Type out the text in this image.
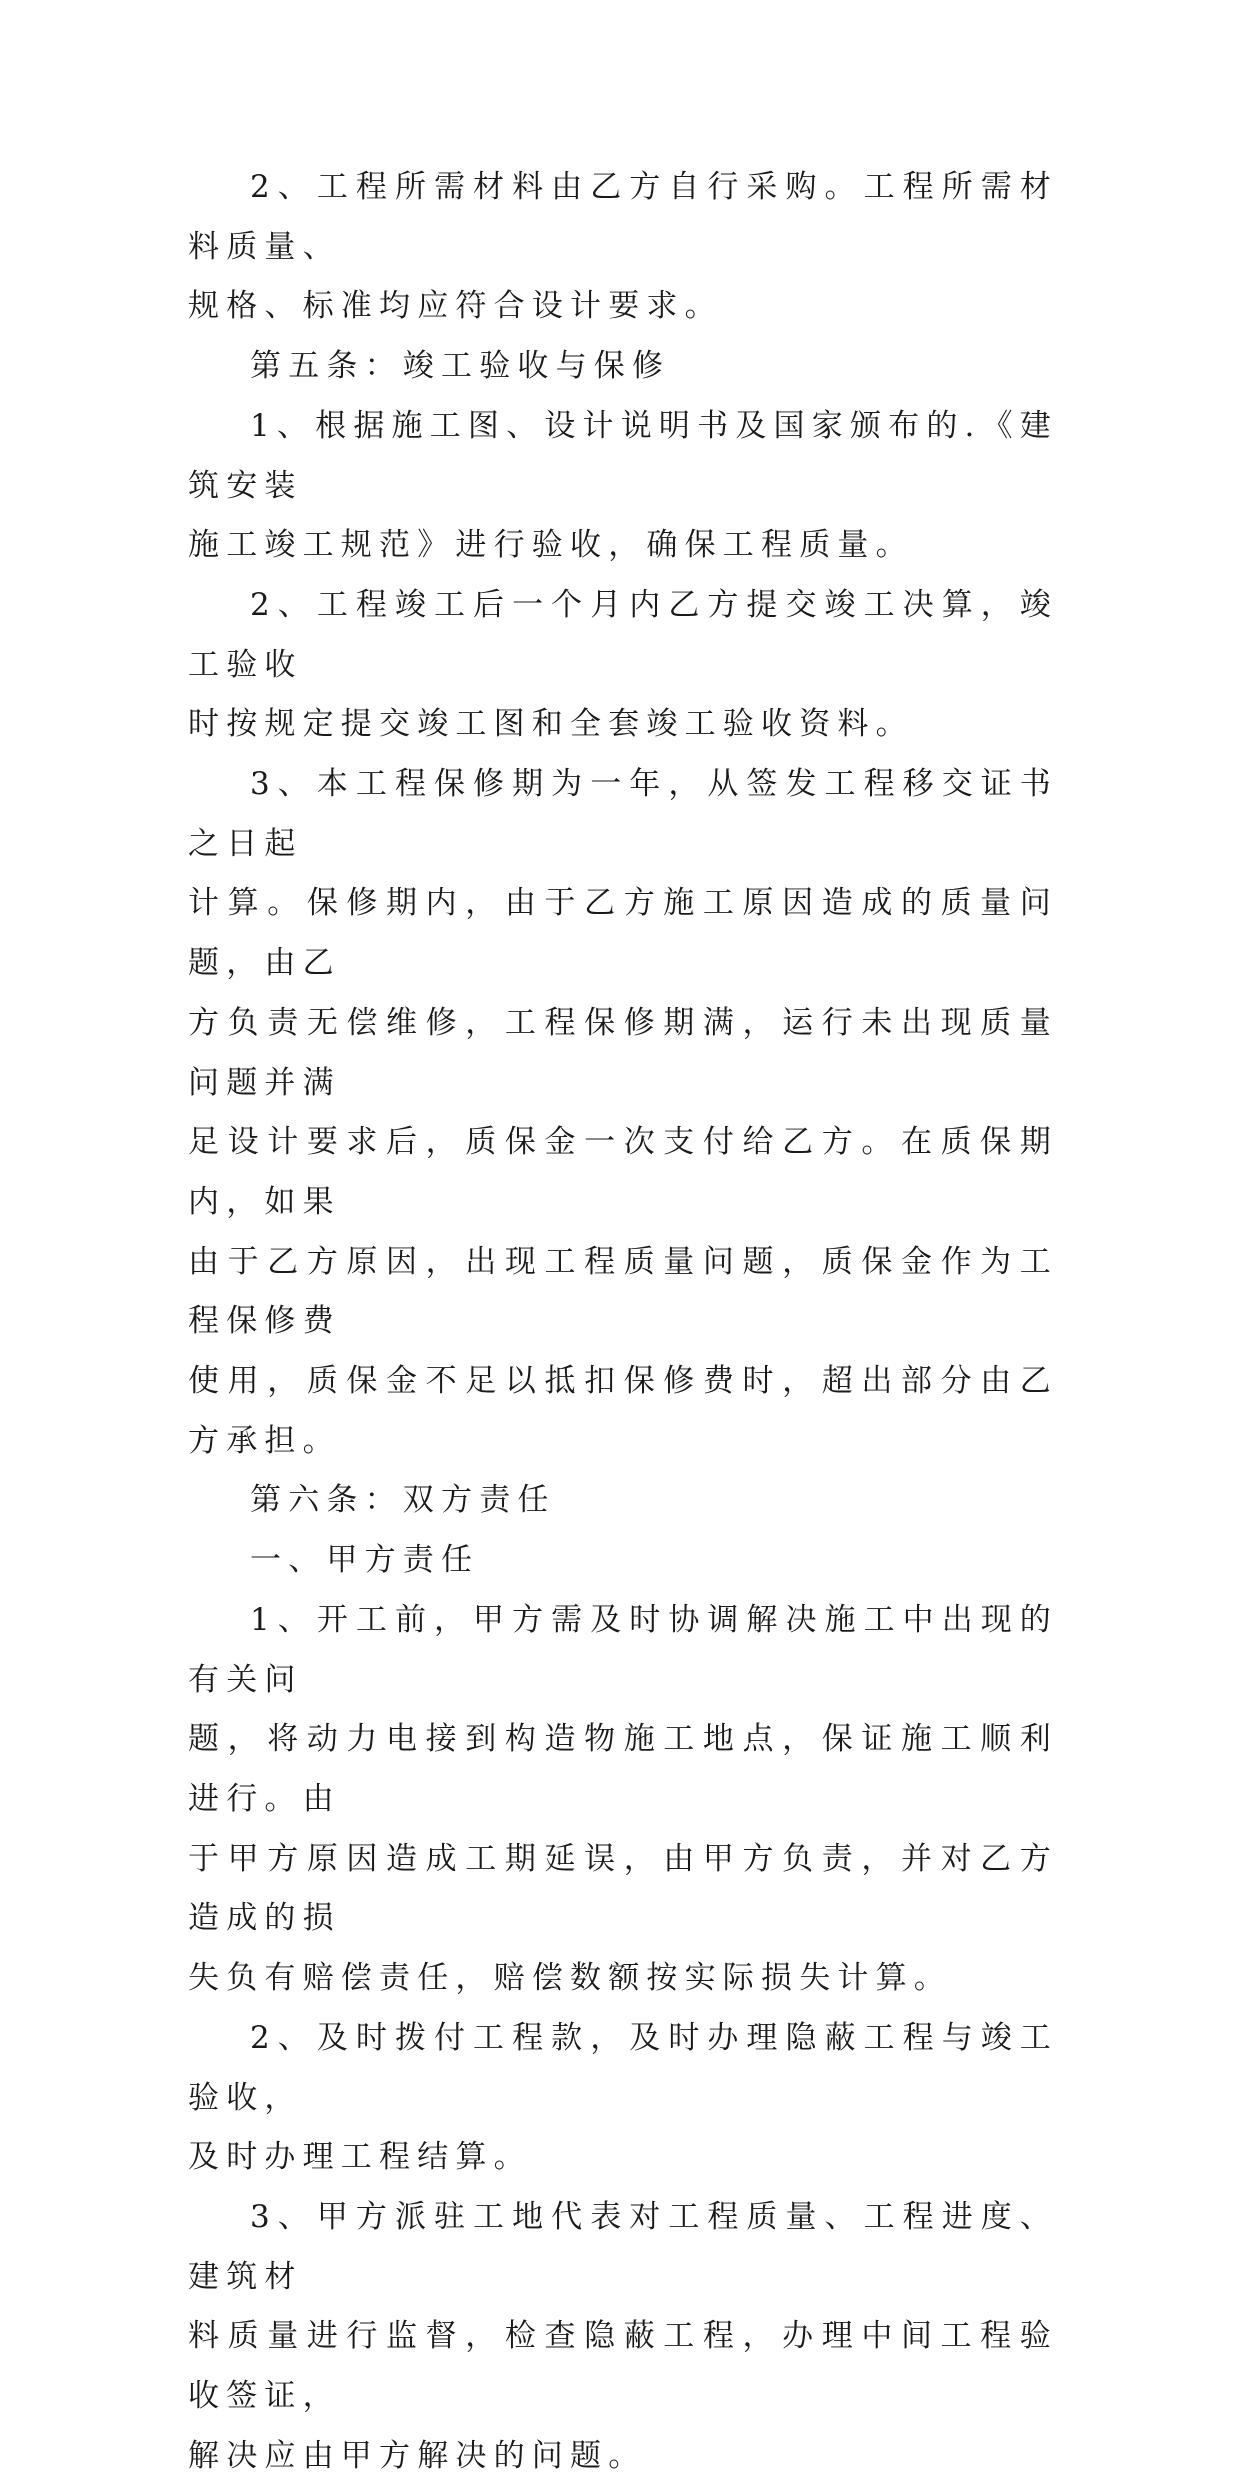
2、工程所需材料由乙方自行采购。工程所需材料质量、
规格、标准均应符合设计要求。

第五条：竣工验收与保修

1、根据施工图、设计说明书及国家颁布的.《建筑安装
施工竣工规范》进行验收，确保工程质量。

2、工程竣工后一个月内乙方提交竣工决算，竣工验收
时按规定提交竣工图和全套竣工验收资料。

3、本工程保修期为一年，从签发工程移交证书之日起
计算。保修期内，由于乙方施工原因造成的质量问题，由乙
方负责无偿维修，工程保修期满，运行未出现质量问题并满
足设计要求后，质保金一次支付给乙方。在质保期内，如果
由于乙方原因，出现工程质量问题，质保金作为工程保修费
使用，质保金不足以抵扣保修费时，超出部分由乙方承担。

第六条：双方责任

一、甲方责任

1、开工前，甲方需及时协调解决施工中出现的有关问
题，将动力电接到构造物施工地点，保证施工顺利进行。由
于甲方原因造成工期延误，由甲方负责，并对乙方造成的损
失负有赔偿责任，赔偿数额按实际损失计算。

2、及时拨付工程款，及时办理隐蔽工程与竣工验收，
及时办理工程结算。

3、甲方派驻工地代表对工程质量、工程进度、建筑材
料质量进行监督，检查隐蔽工程，办理中间工程验收签证，
解决应由甲方解决的问题。
